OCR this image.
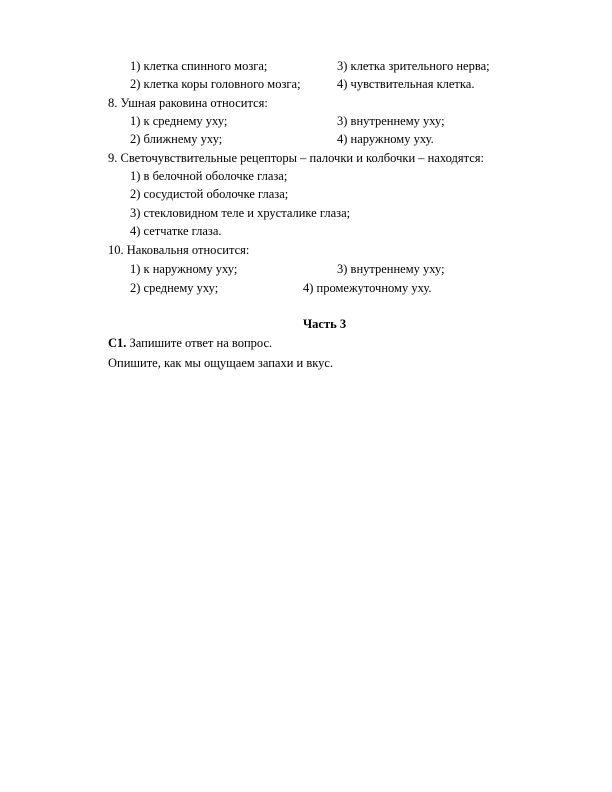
1) клетка спинного мозга;	3) клетка зрительного нерва;
2) клетка коры головного мозга;	4) чувствительная клетка.
8. Ушная раковина относится:
1) к среднему уху;	3) внутреннему уху;
2) ближнему уху;	4) наружному уху.
9. Светочувствительные рецепторы – палочки и колбочки – находятся:
1) в белочной оболочке глаза;
2) сосудистой оболочке глаза;
3) стекловидном теле и хрусталике глаза;
4) сетчатке глаза.
10. Наковальня относится:
1) к наружному уху;	3) внутреннему уху;
2) среднему уху;	4) промежуточному уху.
Часть 3
С1. Запишите ответ на вопрос.
Опишите, как мы ощущаем запахи и вкус.
